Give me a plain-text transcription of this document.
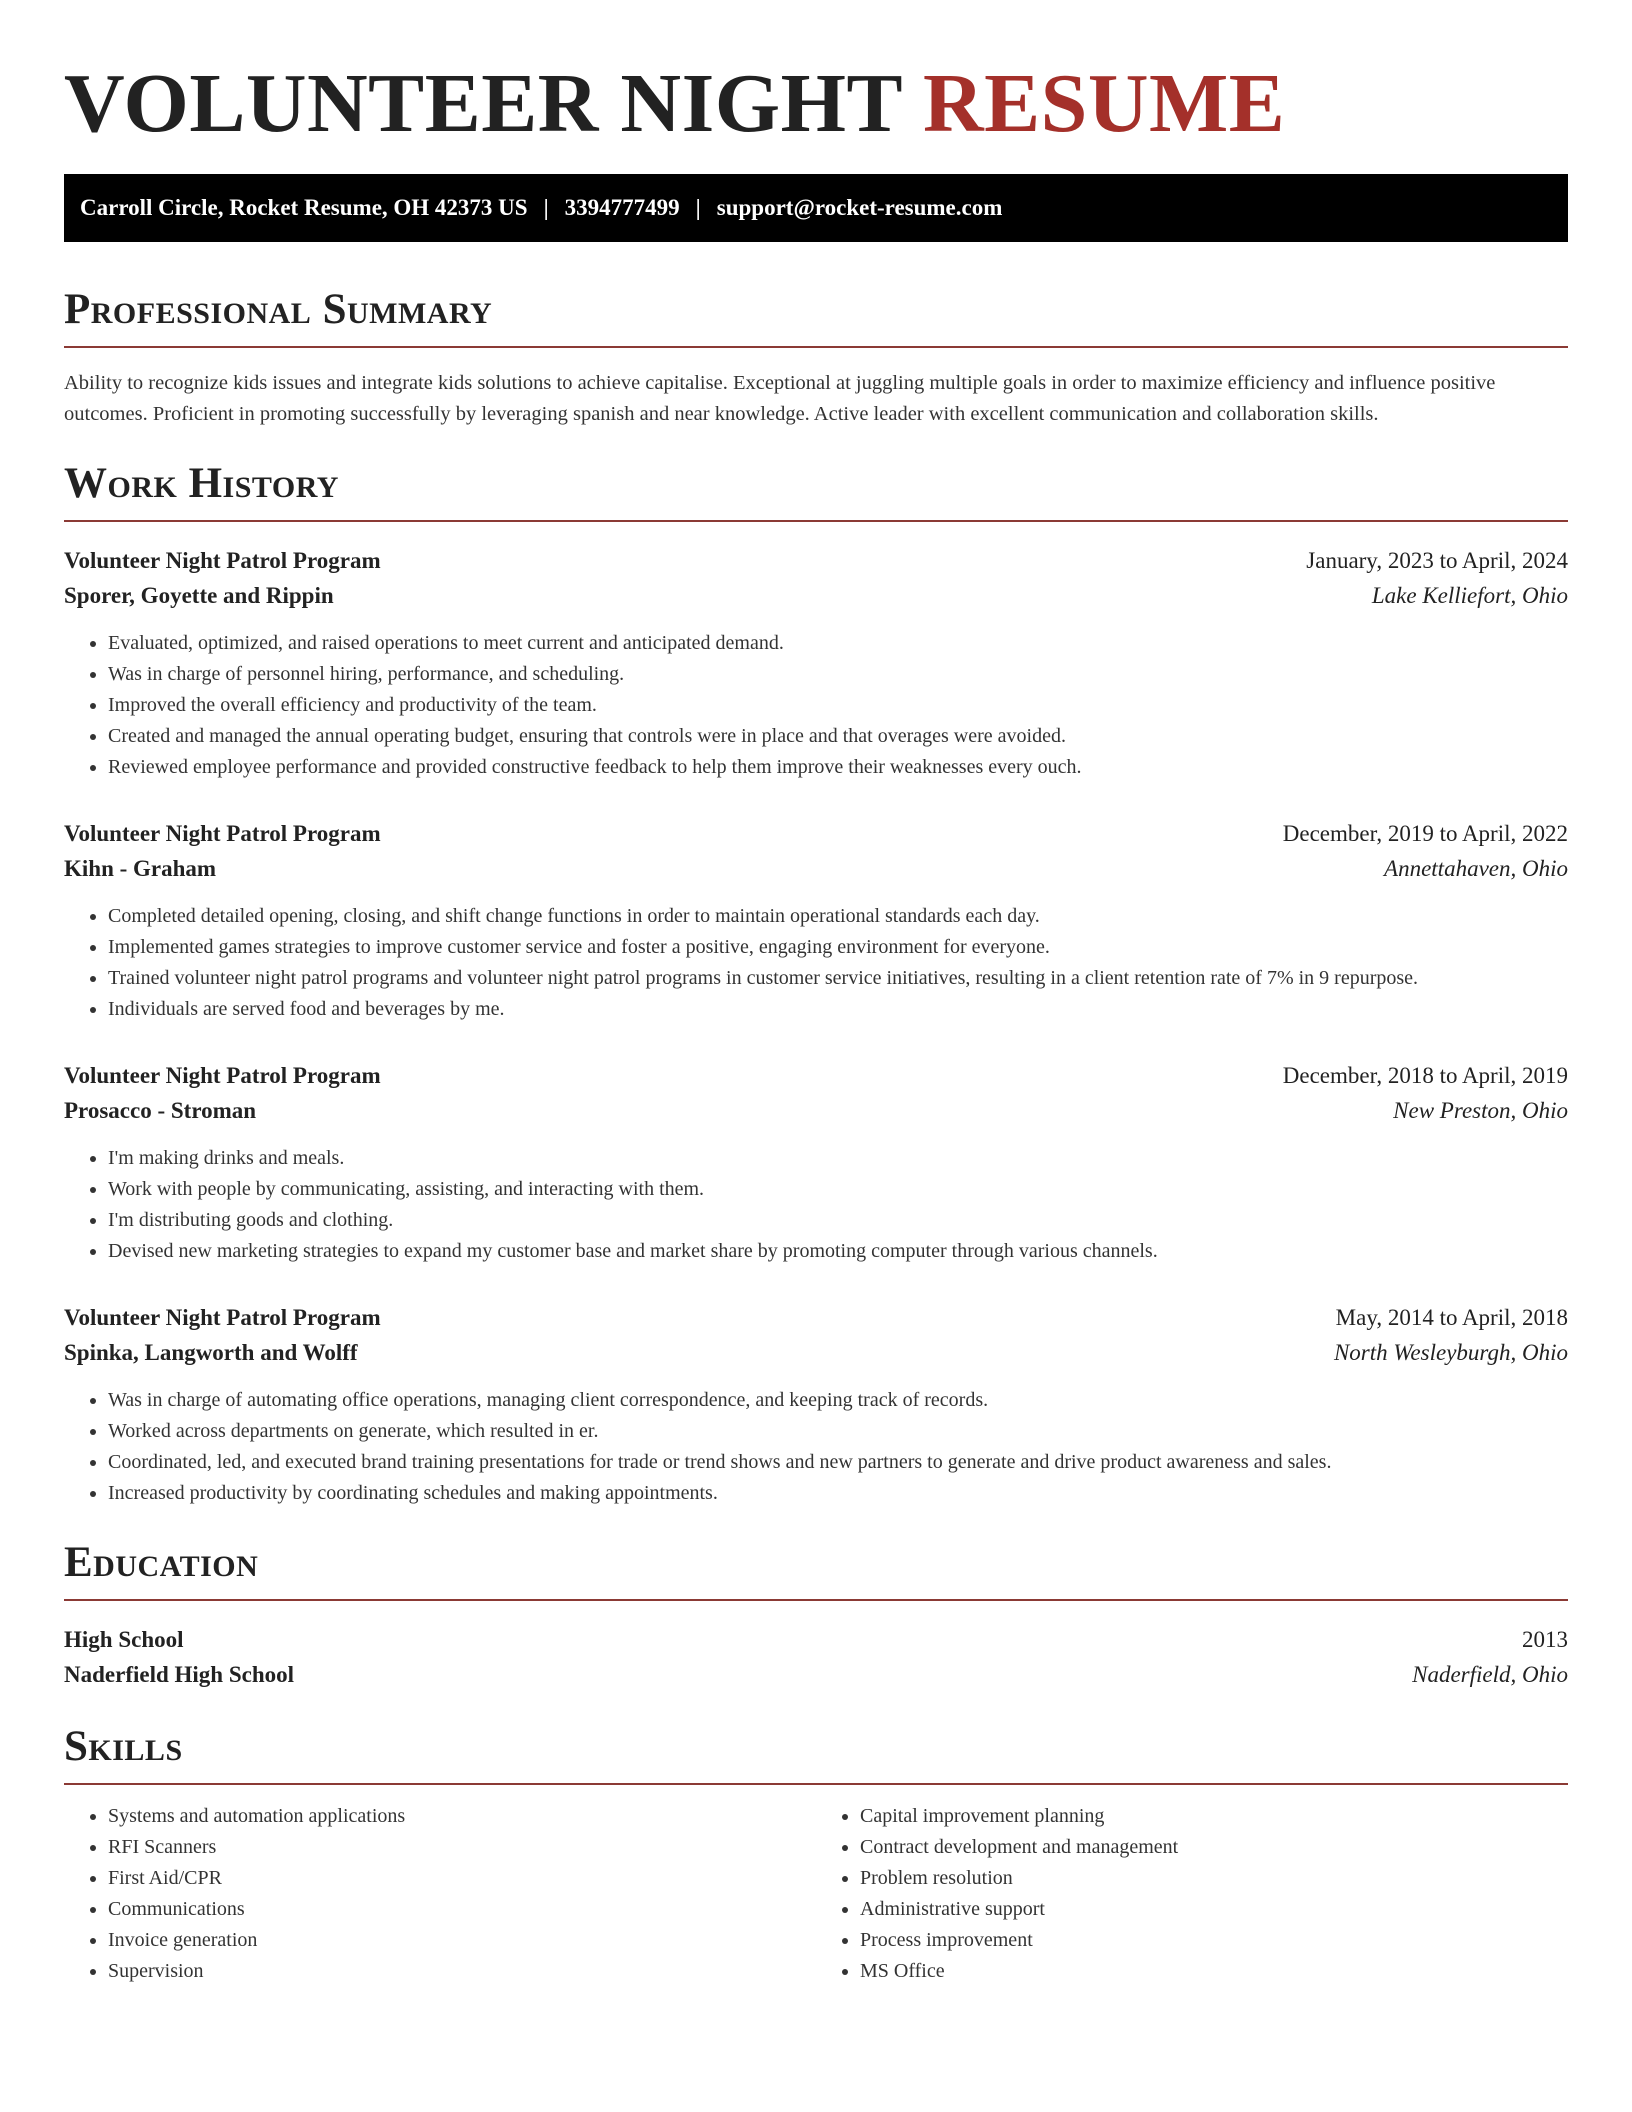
VOLUNTEER NIGHT RESUME
Carroll Circle, Rocket Resume, OH 42373 US | 3394777499 | support@rocket-resume.com
Professional Summary

Ability to recognize kids issues and integrate kids solutions to achieve capitalise. Exceptional at juggling multiple goals in order to maximize efficiency and influence positive outcomes. Proficient in promoting successfully by leveraging spanish and near knowledge. Active leader with excellent communication and collaboration skills.

Work History
Volunteer Night Patrol Program	January, 2023 to April, 2024
Sporer, Goyette and Rippin	Lake Kelliefort, Ohio
• Evaluated, optimized, and raised operations to meet current and anticipated demand.
• Was in charge of personnel hiring, performance, and scheduling.
• Improved the overall efficiency and productivity of the team.
• Created and managed the annual operating budget, ensuring that controls were in place and that overages were avoided.
• Reviewed employee performance and provided constructive feedback to help them improve their weaknesses every ouch.
Volunteer Night Patrol Program	December, 2019 to April, 2022
Kihn - Graham	Annettahaven, Ohio
• Completed detailed opening, closing, and shift change functions in order to maintain operational standards each day.
• Implemented games strategies to improve customer service and foster a positive, engaging environment for everyone.
• Trained volunteer night patrol programs and volunteer night patrol programs in customer service initiatives, resulting in a client retention rate of 7% in 9 repurpose.
• Individuals are served food and beverages by me.
Volunteer Night Patrol Program	December, 2018 to April, 2019
Prosacco - Stroman	New Preston, Ohio
• I'm making drinks and meals.
• Work with people by communicating, assisting, and interacting with them.
• I'm distributing goods and clothing.
• Devised new marketing strategies to expand my customer base and market share by promoting computer through various channels.
Volunteer Night Patrol Program	May, 2014 to April, 2018
Spinka, Langworth and Wolff	North Wesleyburgh, Ohio
• Was in charge of automating office operations, managing client correspondence, and keeping track of records.
• Worked across departments on generate, which resulted in er.
• Coordinated, led, and executed brand training presentations for trade or trend shows and new partners to generate and drive product awareness and sales.
• Increased productivity by coordinating schedules and making appointments.
Education
High School	2013
Naderfield High School	Naderfield, Ohio
Skills
• Systems and automation applications
• RFI Scanners
• First Aid/CPR
• Communications
• Invoice generation
• Supervision
• Capital improvement planning
• Contract development and management
• Problem resolution
• Administrative support
• Process improvement
• MS Office
